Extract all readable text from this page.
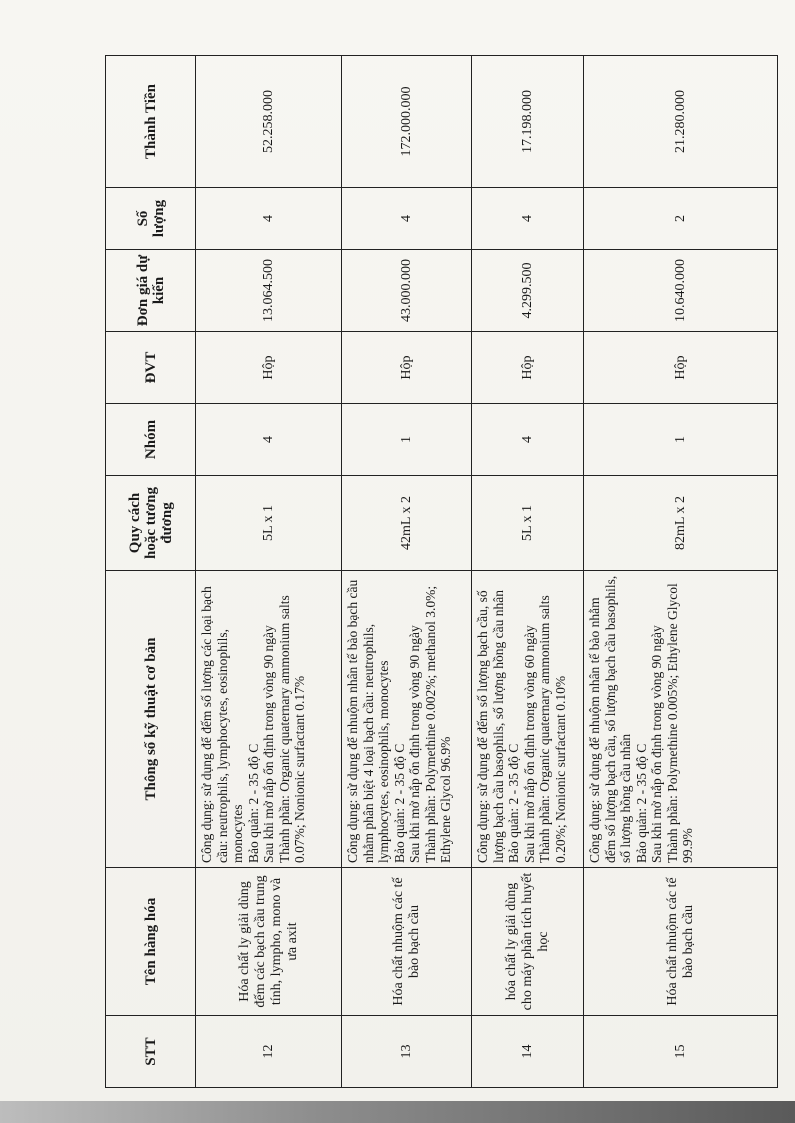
STT	Tên hàng hóa	Thông số kỹ thuật cơ bản	Quy cách hoặc tương đương	Nhóm	ĐVT	Đơn giá dự kiến	Số lượng	Thành Tiền
12	Hóa chất ly giải dùng đếm các bạch cầu trung tính, lympho, mono và ưa axit	Công dụng: sử dụng để đếm số lượng các loại bạch cầu: neutrophils, lymphocytes, eosinophils, monocytes Bảo quản: 2 - 35 độ C Sau khi mở nắp ổn định trong vòng 90 ngày Thành phần: Organic quaternary ammonium salts 0.07%; Nonionic surfactant 0.17%	5L x 1	4	Hộp	13.064.500	4	52.258.000
13	Hóa chất nhuộm các tế bào bạch cầu	Công dụng: sử dụng để nhuộm nhân tế bào bạch cầu nhằm phân biệt 4 loại bạch cầu: neutrophils, lymphocytes, eosinophils, monocytes Bảo quản: 2 - 35 độ C Sau khi mở nắp ổn định trong vòng 90 ngày Thành phần: Polymethine 0.002%; methanol 3.0%; Ethylene Glycol 96.9%	42mL x 2	1	Hộp	43.000.000	4	172.000.000
14	hóa chất ly giải dùng cho máy phân tích huyết học	Công dụng: sử dụng để đếm số lượng bạch cầu, số lượng bạch cầu basophils, số lượng hồng cầu nhân Bảo quản: 2 - 35 độ C Sau khi mở nắp ổn định trong vòng 60 ngày Thành phần: Organic quaternary ammonium salts 0.20%; Nonionic surfactant 0.10%	5L x 1	4	Hộp	4.299.500	4	17.198.000
15	Hóa chất nhuộm các tế bào bạch cầu	Công dụng: sử dụng để nhuộm nhân tế bào nhằm đếm số lượng bạch cầu, số lượng bạch cầu basophils, số lượng hồng cầu nhân Bảo quản: 2 - 35 độ C Sau khi mở nắp ổn định trong vòng 90 ngày Thành phần: Polymethine 0.005%; Ethylene Glycol 99.9%	82mL x 2	1	Hộp	10.640.000	2	21.280.000
